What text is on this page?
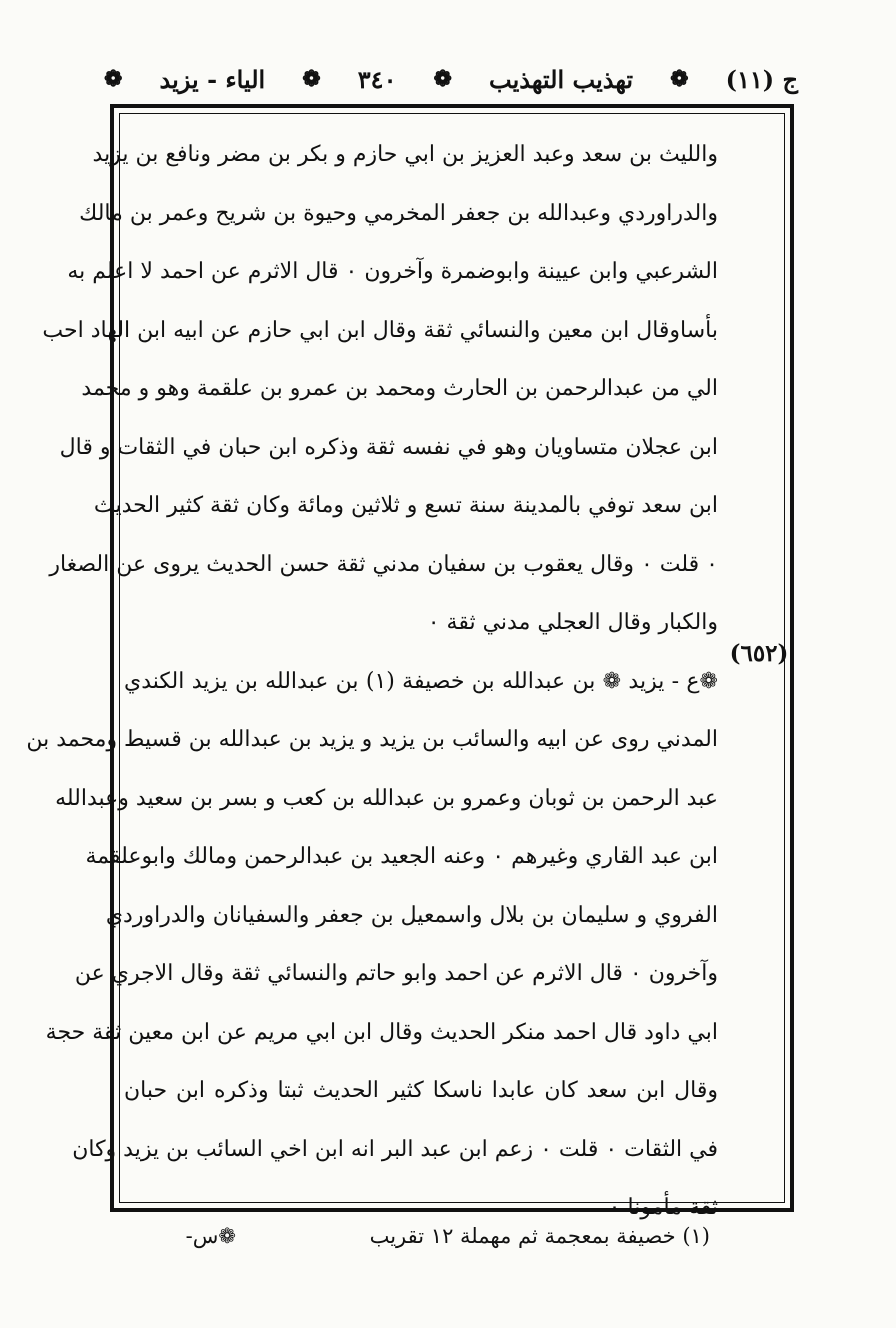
ج (١١)
❁
تهذيب التهذيب
❁
٣٤٠
❁
الياء - يزيد
❁
والليث بن سعد وعبد العزيز بن ابي حازم و بكر بن مضر ونافع بن يزيد
والدراوردي وعبدالله بن جعفر المخرمي وحيوة بن شريح وعمر بن مالك
الشرعبي وابن عيينة وابوضمرة وآخرون ٠ قال الاثرم عن احمد لا اعلم به
بأساوقال ابن معين والنسائي ثقة وقال ابن ابي حازم عن ابيه ابن الهاد احب
الي من عبدالرحمن بن الحارث ومحمد بن عمرو بن علقمة وهو و محمد
ابن عجلان متساويان وهو في نفسه ثقة وذكره ابن حبان في الثقات و قال
ابن سعد توفي بالمدينة سنة تسع و ثلاثين ومائة وكان ثقة كثير الحديث
٠ قلت ٠ وقال يعقوب بن سفيان مدني ثقة حسن الحديث يروى عن الصغار
والكبار وقال العجلي مدني ثقة ٠
❁ع - يزيد ❁ بن عبدالله بن خصيفة (١) بن عبدالله بن يزيد الكندي
المدني روى عن ابيه والسائب بن يزيد و يزيد بن عبدالله بن قسيط ومحمد بن
عبد الرحمن بن ثوبان وعمرو بن عبدالله بن كعب و بسر بن سعيد وعبدالله
ابن عبد القاري وغيرهم ٠ وعنه الجعيد بن عبدالرحمن ومالك وابوعلقمة
الفروي و سليمان بن بلال واسمعيل بن جعفر والسفيانان والدراوردي
وآخرون ٠ قال الاثرم عن احمد وابو حاتم والنسائي ثقة وقال الاجري عن
ابي داود قال احمد منكر الحديث وقال ابن ابي مريم عن ابن معين ثقة حجة
وقال ابن سعد كان عابدا ناسكا كثير الحديث ثبتا وذكره ابن حبان
في الثقات ٠ قلت ٠ زعم ابن عبد البر انه ابن اخي السائب بن يزيد وكان
ثقة مأمونا ٠
(٦٥٢)
(١) خصيفة بمعجمة ثم مهملة ١٢ تقريب
❁س-
